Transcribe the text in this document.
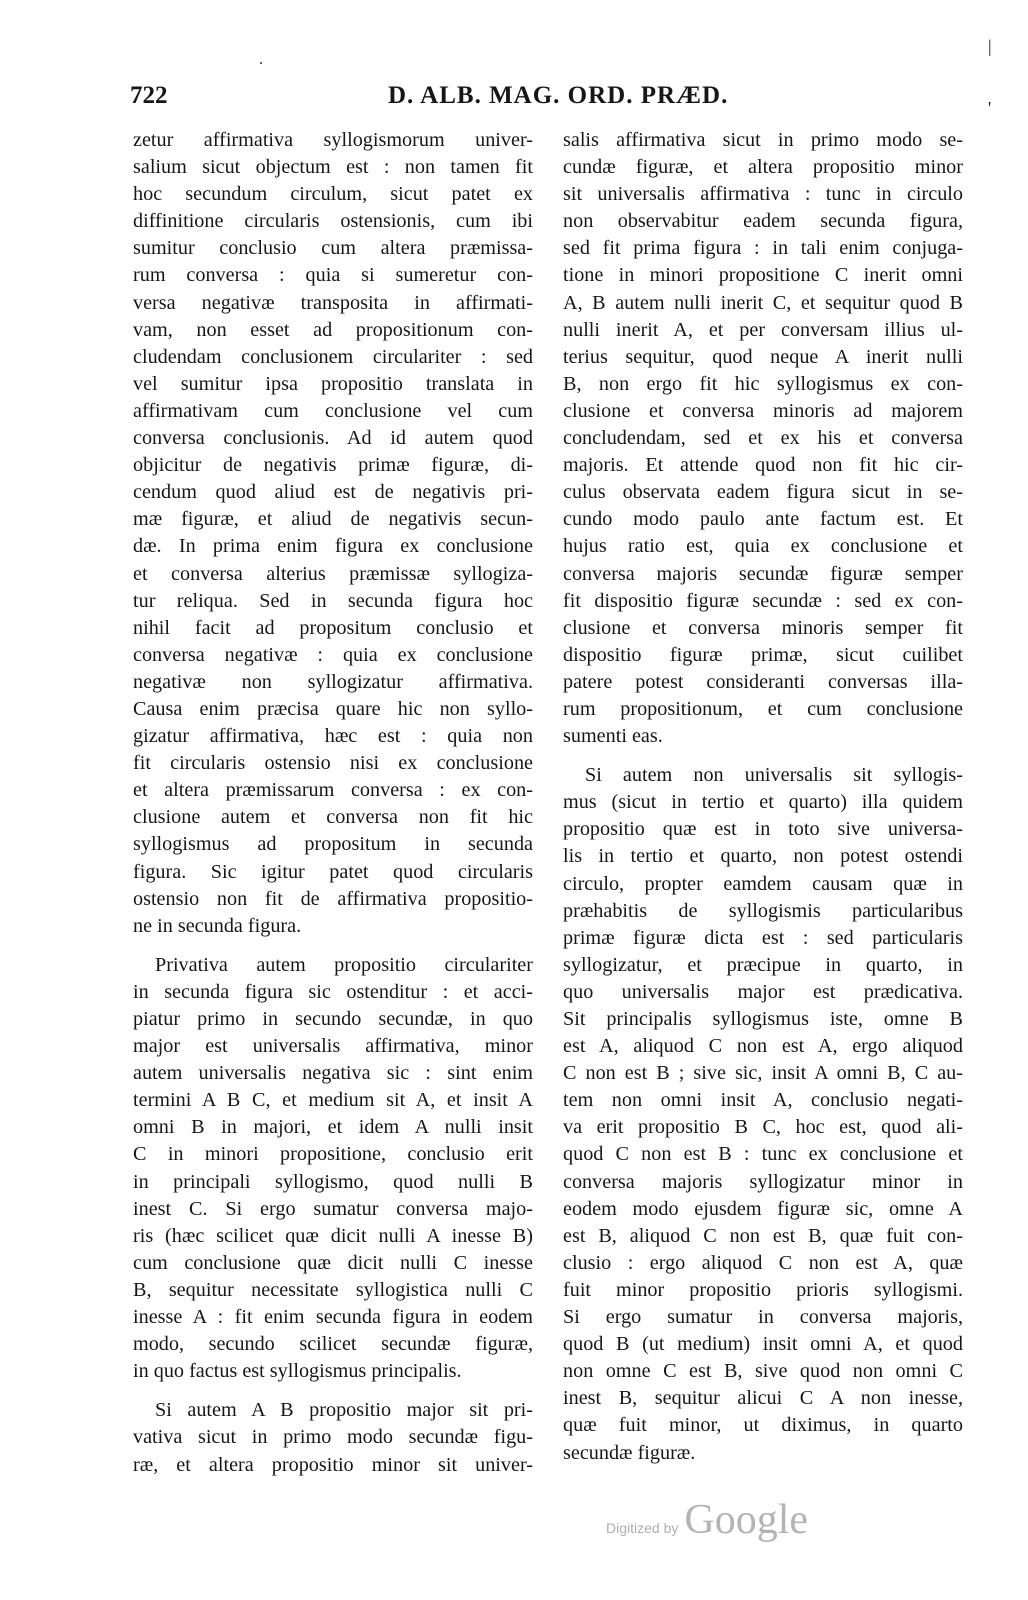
˙
|
'
722	D. ALB. MAG. ORD. PRÆD.
zetur affirmativa syllogismorum univer-
salium sicut objectum est : non tamen fit
hoc secundum circulum, sicut patet ex
diffinitione circularis ostensionis, cum ibi
sumitur conclusio cum altera præmissa-
rum conversa : quia si sumeretur con-
versa negativæ transposita in affirmati-
vam, non esset ad propositionum con-
cludendam conclusionem circulariter : sed
vel sumitur ipsa propositio translata in
affirmativam cum conclusione vel cum
conversa conclusionis. Ad id autem quod
objicitur de negativis primæ figuræ, di-
cendum quod aliud est de negativis pri-
mæ figuræ, et aliud de negativis secun-
dæ. In prima enim figura ex conclusione
et conversa alterius præmissæ syllogiza-
tur reliqua. Sed in secunda figura hoc
nihil facit ad propositum conclusio et
conversa negativæ : quia ex conclusione
negativæ non syllogizatur affirmativa.
Causa enim præcisa quare hic non syllo-
gizatur affirmativa, hæc est : quia non
fit circularis ostensio nisi ex conclusione
et altera præmissarum conversa : ex con-
clusione autem et conversa non fit hic
syllogismus ad propositum in secunda
figura. Sic igitur patet quod circularis
ostensio non fit de affirmativa propositio-
ne in secunda figura.
Privativa autem propositio circulariter
in secunda figura sic ostenditur : et acci-
piatur primo in secundo secundæ, in quo
major est universalis affirmativa, minor
autem universalis negativa sic : sint enim
termini A B C, et medium sit A, et insit A
omni B in majori, et idem A nulli insit
C in minori propositione, conclusio erit
in principali syllogismo, quod nulli B
inest C. Si ergo sumatur conversa majo-
ris (hæc scilicet quæ dicit nulli A inesse B)
cum conclusione quæ dicit nulli C inesse
B, sequitur necessitate syllogistica nulli C
inesse A : fit enim secunda figura in eodem
modo, secundo scilicet secundæ figuræ,
in quo factus est syllogismus principalis.
Si autem A B propositio major sit pri-
vativa sicut in primo modo secundæ figu-
ræ, et altera propositio minor sit univer-
salis affirmativa sicut in primo modo se-
cundæ figuræ, et altera propositio minor
sit universalis affirmativa : tunc in circulo
non observabitur eadem secunda figura,
sed fit prima figura : in tali enim conjuga-
tione in minori propositione C inerit omni
A, B autem nulli inerit C, et sequitur quod B
nulli inerit A, et per conversam illius ul-
terius sequitur, quod neque A inerit nulli
B, non ergo fit hic syllogismus ex con-
clusione et conversa minoris ad majorem
concludendam, sed et ex his et conversa
majoris. Et attende quod non fit hic cir-
culus observata eadem figura sicut in se-
cundo modo paulo ante factum est. Et
hujus ratio est, quia ex conclusione et
conversa majoris secundæ figuræ semper
fit dispositio figuræ secundæ : sed ex con-
clusione et conversa minoris semper fit
dispositio figuræ primæ, sicut cuilibet
patere potest consideranti conversas illa-
rum propositionum, et cum conclusione
sumenti eas.
Si autem non universalis sit syllogis-
mus (sicut in tertio et quarto) illa quidem
propositio quæ est in toto sive universa-
lis in tertio et quarto, non potest ostendi
circulo, propter eamdem causam quæ in
præhabitis de syllogismis particularibus
primæ figuræ dicta est : sed particularis
syllogizatur, et præcipue in quarto, in
quo universalis major est prædicativa.
Sit principalis syllogismus iste, omne B
est A, aliquod C non est A, ergo aliquod
C non est B ; sive sic, insit A omni B, C au-
tem non omni insit A, conclusio negati-
va erit propositio B C, hoc est, quod ali-
quod C non est B : tunc ex conclusione et
conversa majoris syllogizatur minor in
eodem modo ejusdem figuræ sic, omne A
est B, aliquod C non est B, quæ fuit con-
clusio : ergo aliquod C non est A, quæ
fuit minor propositio prioris syllogismi.
Si ergo sumatur in conversa majoris,
quod B (ut medium) insit omni A, et quod
non omne C est B, sive quod non omni C
inest B, sequitur alicui C A non inesse,
quæ fuit minor, ut diximus, in quarto
secundæ figuræ.
Digitized by Google
